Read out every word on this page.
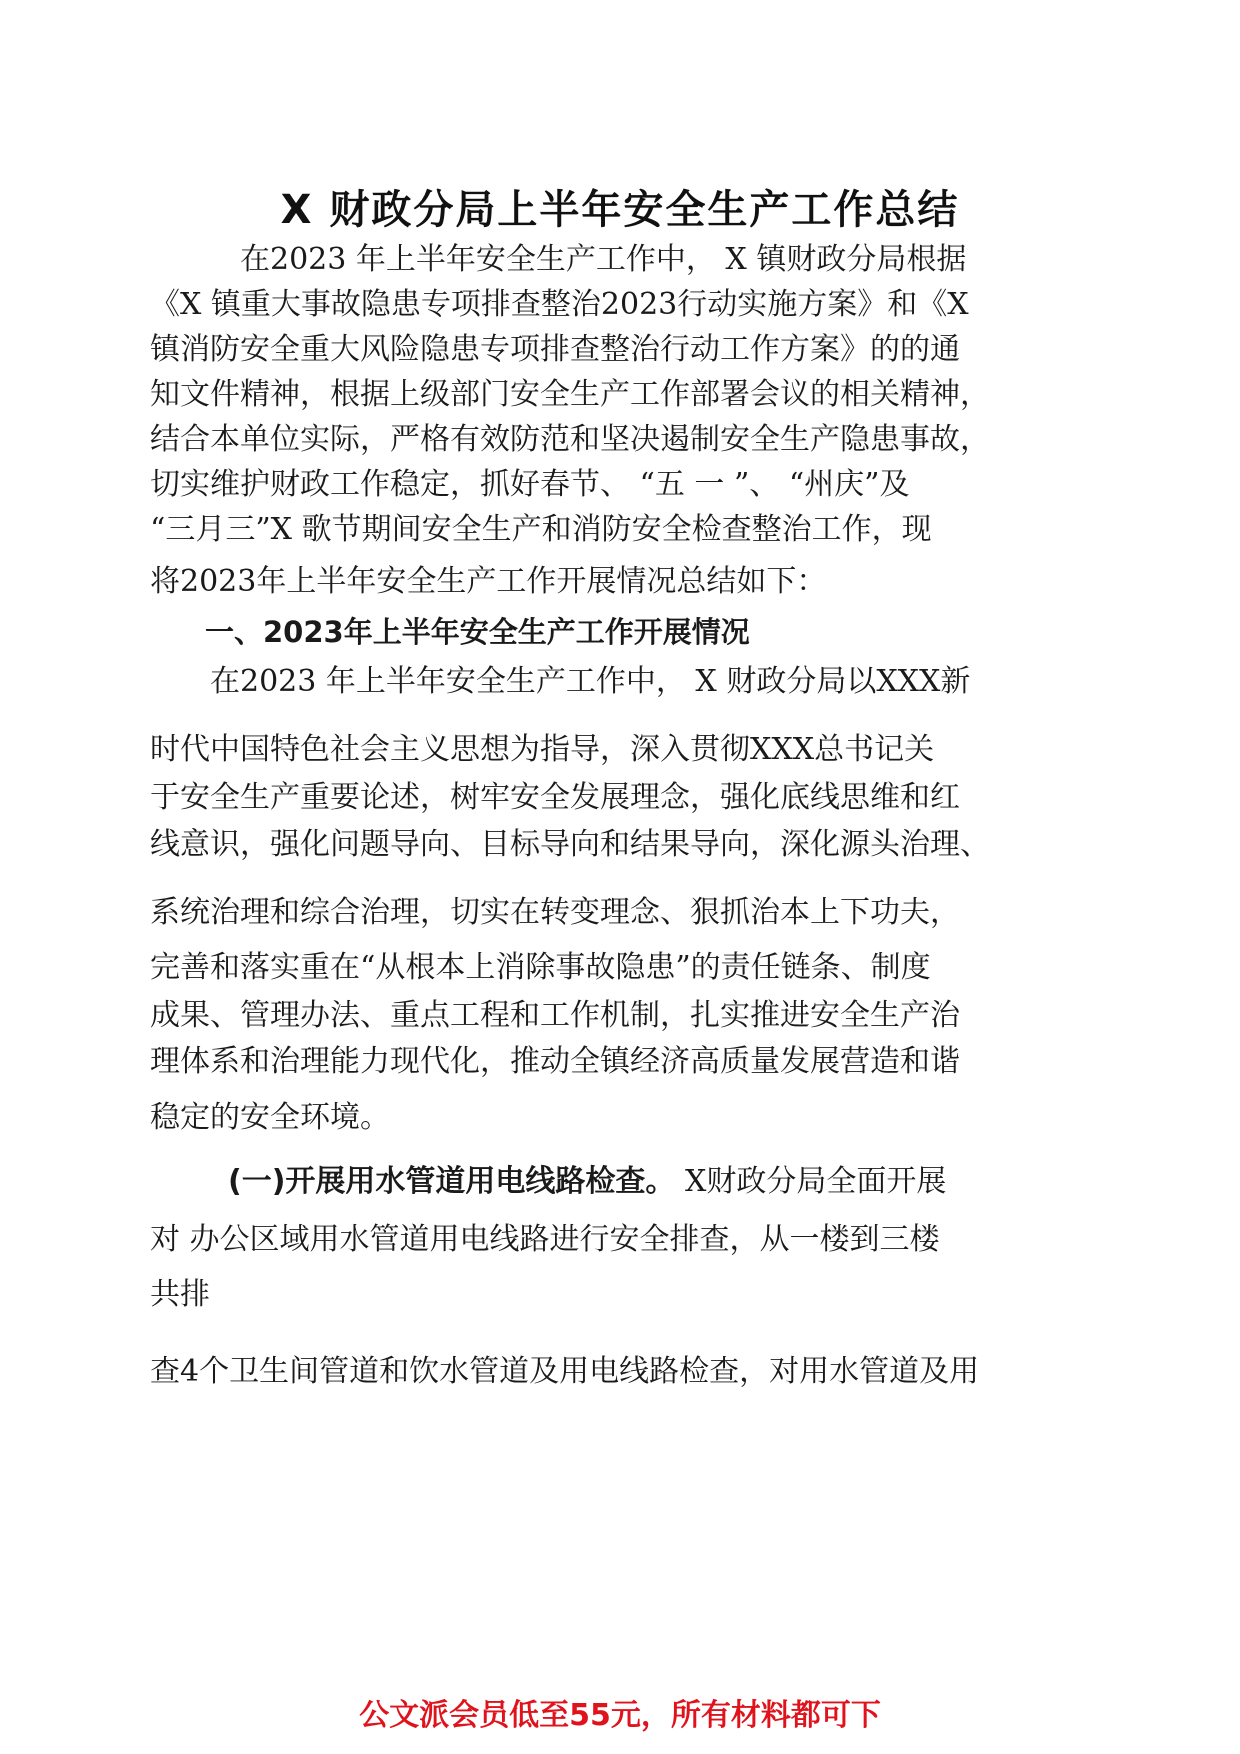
X 财政分局上半年安全生产工作总结
在2023 年上半年安全生产工作中， X 镇财政分局根据
《X 镇重大事故隐患专项排查整治2023行动实施方案》和《X
镇消防安全重大风险隐患专项排查整治行动工作方案》的的通
知文件精神，根据上级部门安全生产工作部署会议的相关精神，
结合本单位实际，严格有效防范和坚决遏制安全生产隐患事故，
切实维护财政工作稳定，抓好春节、 “五 一 ”、 “州庆”及
“三月三”X 歌节期间安全生产和消防安全检查整治工作，现
将2023年上半年安全生产工作开展情况总结如下：
一、2023年上半年安全生产工作开展情况
在2023 年上半年安全生产工作中， X 财政分局以XXX新
时代中国特色社会主义思想为指导，深入贯彻XXX总书记关
于安全生产重要论述，树牢安全发展理念，强化底线思维和红
线意识，强化问题导向、目标导向和结果导向，深化源头治理、
系统治理和综合治理，切实在转变理念、狠抓治本上下功夫，
完善和落实重在“从根本上消除事故隐患”的责任链条、制度
成果、管理办法、重点工程和工作机制，扎实推进安全生产治
理体系和治理能力现代化，推动全镇经济高质量发展营造和谐
稳定的安全环境。
(一)开展用水管道用电线路检查。 X财政分局全面开展
对 办公区域用水管道用电线路进行安全排查，从一楼到三楼
共排
查4个卫生间管道和饮水管道及用电线路检查，对用水管道及用
公文派会员低至55元，所有材料都可下
